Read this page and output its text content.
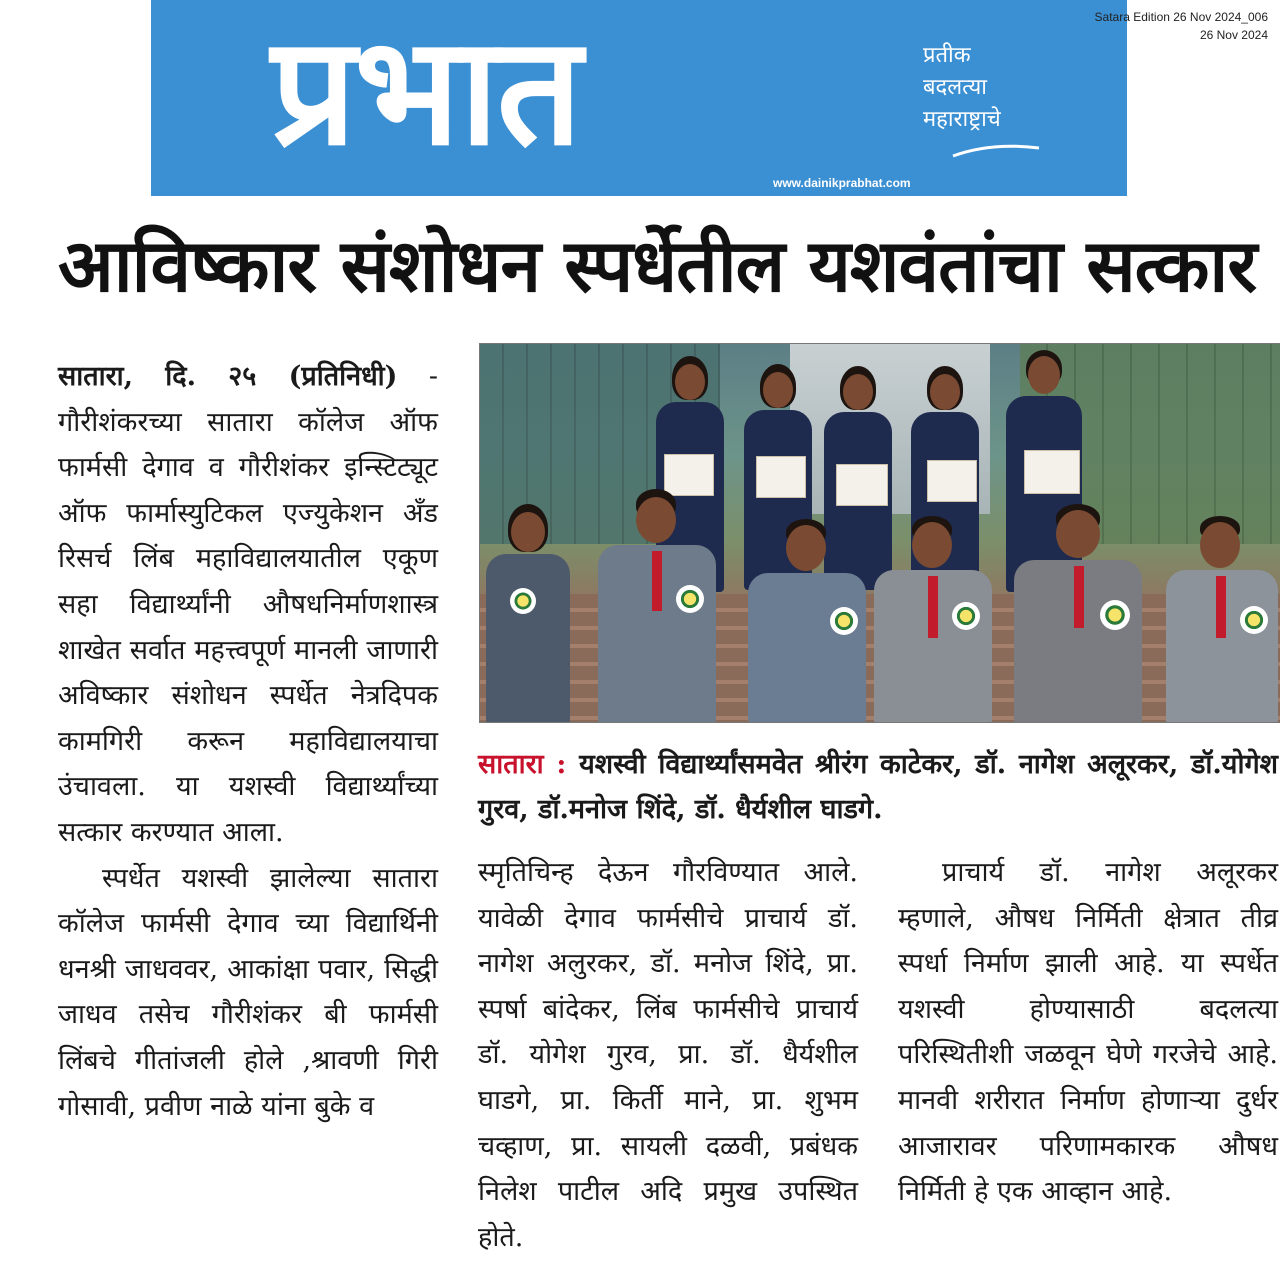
प्रभात	प्रतीक
बदलत्या
महाराष्ट्राचे
www.dainikprabhat.com
Satara Edition 26 Nov 2024_006
26 Nov 2024
आविष्कार संशोधन स्पर्धेतील यशवंतांचा सत्कार

सातारा, दि. २५ (प्रतिनिधी) - गौरीशंकरच्या सातारा कॉलेज ऑफ फार्मसी देगाव व गौरीशंकर इन्स्टिट्यूट ऑफ फार्मास्युटिकल एज्युकेशन अँड रिसर्च लिंब महाविद्यालयातील एकूण सहा विद्यार्थ्यांनी औषधनिर्माणशास्त्र शाखेत सर्वात महत्त्वपूर्ण मानली जाणारी अविष्कार संशोधन स्पर्धेत नेत्रदिपक कामगिरी करून महाविद्यालयाचा उंचावला. या यशस्वी विद्यार्थ्यांच्या सत्कार करण्यात आला.

स्पर्धेत यशस्वी झालेल्या सातारा कॉलेज फार्मसी देगाव च्या विद्यार्थिनी धनश्री जाधववर, आकांक्षा पवार, सिद्धी जाधव तसेच गौरीशंकर बी फार्मसी लिंबचे गीतांजली होले ,श्रावणी गिरी गोसावी, प्रवीण नाळे यांना बुके व

सातारा : यशस्वी विद्यार्थ्यांसमवेत श्रीरंग काटेकर, डॉ. नागेश अलूरकर, डॉ.योगेश गुरव, डॉ.मनोज शिंदे, डॉ. धैर्यशील घाडगे.

स्मृतिचिन्ह देऊन गौरविण्यात आले. यावेळी देगाव फार्मसीचे प्राचार्य डॉ. नागेश अलुरकर, डॉ. मनोज शिंदे, प्रा. स्पर्षा बांदेकर, लिंब फार्मसीचे प्राचार्य डॉ. योगेश गुरव, प्रा. डॉ. धैर्यशील घाडगे, प्रा. किर्ती माने, प्रा. शुभम चव्हाण, प्रा. सायली दळवी, प्रबंधक निलेश पाटील अदि प्रमुख उपस्थित होते.

प्राचार्य डॉ. नागेश अलूरकर म्हणाले, औषध निर्मिती क्षेत्रात तीव्र स्पर्धा निर्माण झाली आहे. या स्पर्धेत यशस्वी होण्यासाठी बदलत्या परिस्थितीशी जळवून घेणे गरजेचे आहे. मानवी शरीरात निर्माण होणाऱ्या दुर्धर आजारावर परिणामकारक औषध निर्मिती हे एक आव्हान आहे.
